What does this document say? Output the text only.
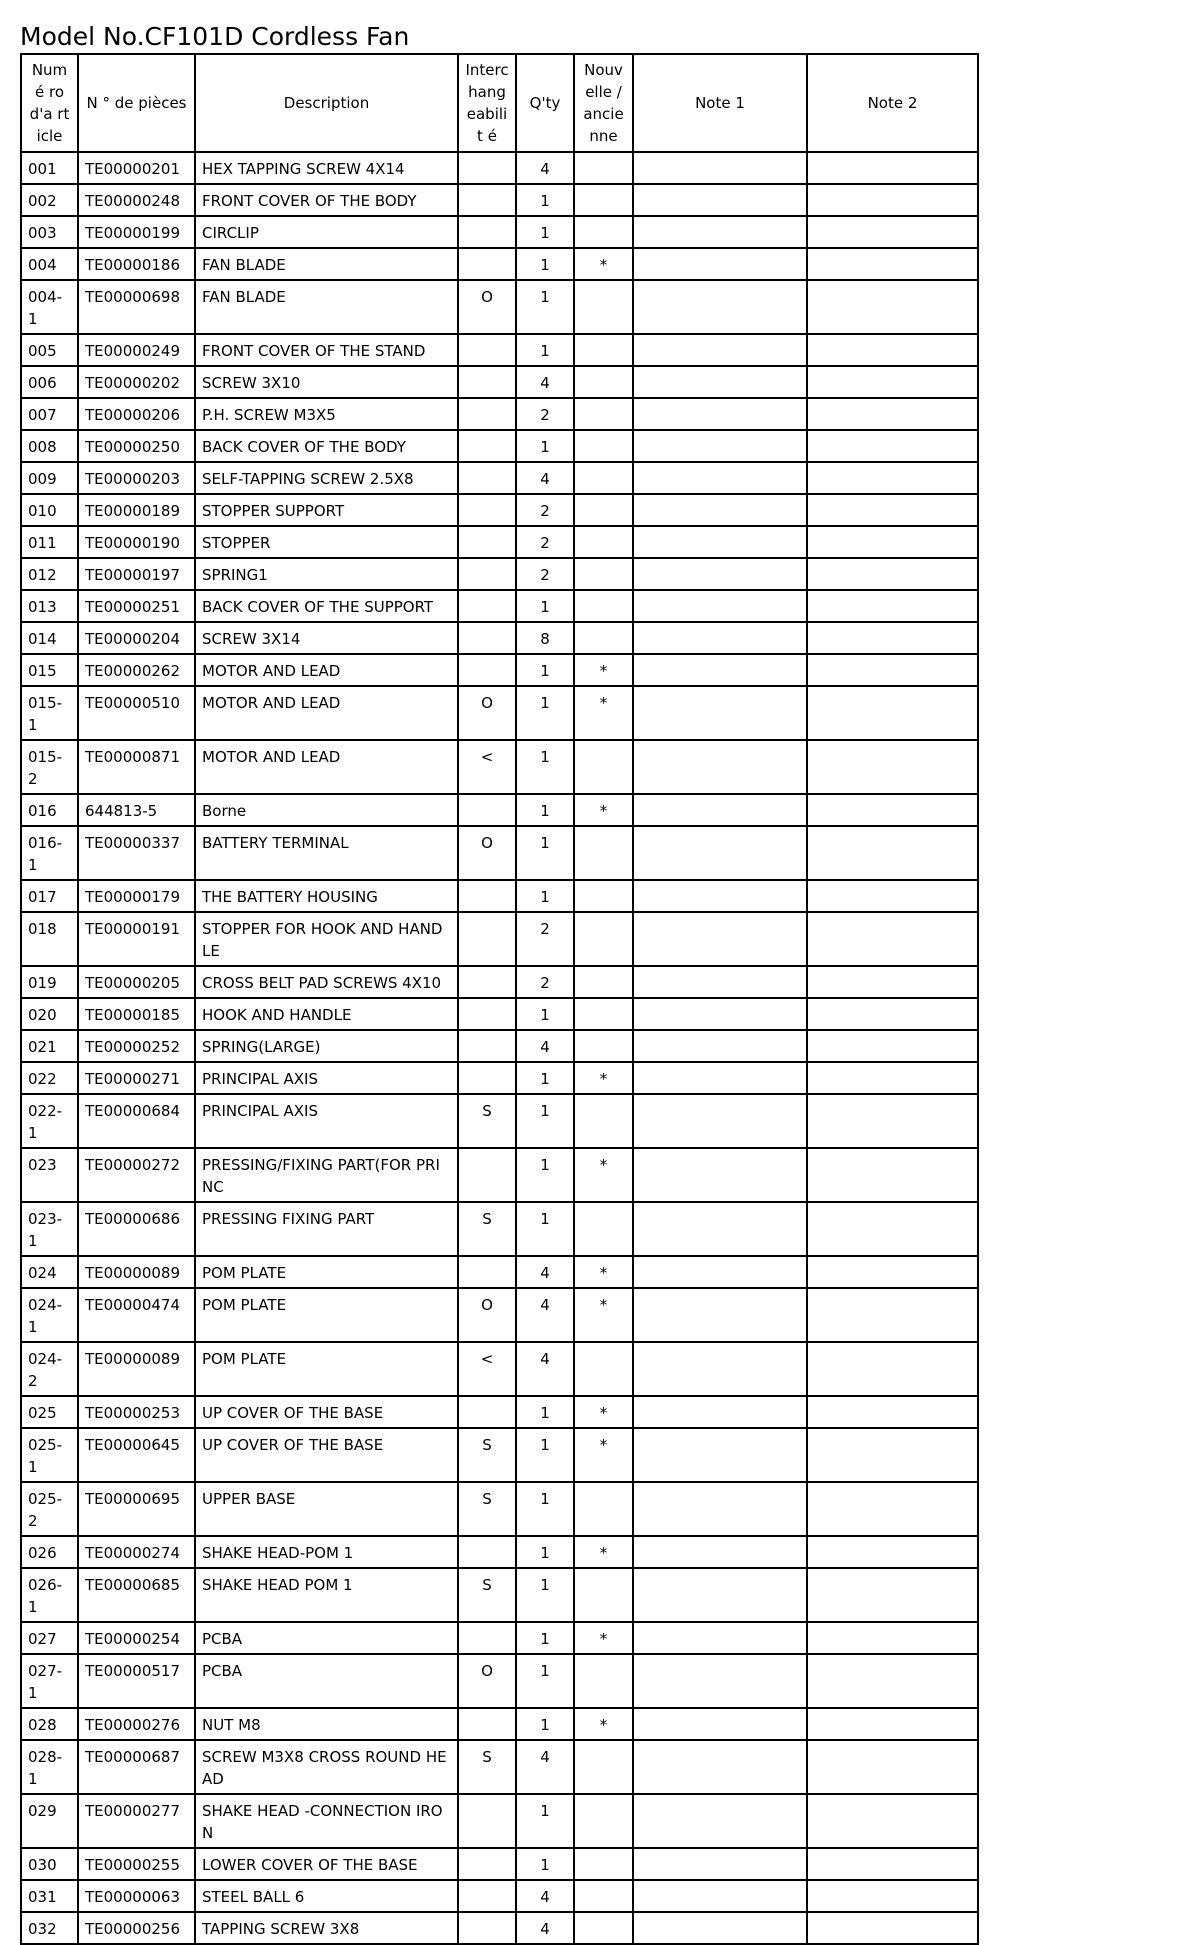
Model No.CF101D Cordless Fan
Numé ro d'a rticle	N ° de pièces	Description	Interc hang eabilit é	Q'ty	Nouv elle / ancie nne	Note 1	Note 2
001	TE00000201	HEX TAPPING SCREW 4X14		4			
002	TE00000248	FRONT COVER OF THE BODY		1			
003	TE00000199	CIRCLIP		1			
004	TE00000186	FAN BLADE		1	*		
004-1	TE00000698	FAN BLADE	O	1			
005	TE00000249	FRONT COVER OF THE STAND		1			
006	TE00000202	SCREW 3X10		4			
007	TE00000206	P.H. SCREW M3X5		2			
008	TE00000250	BACK COVER OF THE BODY		1			
009	TE00000203	SELF-TAPPING SCREW 2.5X8		4			
010	TE00000189	STOPPER SUPPORT		2			
011	TE00000190	STOPPER		2			
012	TE00000197	SPRING1		2			
013	TE00000251	BACK COVER OF THE SUPPORT		1			
014	TE00000204	SCREW 3X14		8			
015	TE00000262	MOTOR AND LEAD		1	*		
015-1	TE00000510	MOTOR AND LEAD	O	1	*		
015-2	TE00000871	MOTOR AND LEAD	<	1			
016	644813-5	Borne		1	*		
016-1	TE00000337	BATTERY TERMINAL	O	1			
017	TE00000179	THE BATTERY HOUSING		1			
018	TE00000191	STOPPER FOR HOOK AND HAND LE		2			
019	TE00000205	CROSS BELT PAD SCREWS 4X10		2			
020	TE00000185	HOOK AND HANDLE		1			
021	TE00000252	SPRING(LARGE)		4			
022	TE00000271	PRINCIPAL AXIS		1	*		
022-1	TE00000684	PRINCIPAL AXIS	S	1			
023	TE00000272	PRESSING/FIXING PART(FOR PRI NC		1	*		
023-1	TE00000686	PRESSING FIXING PART	S	1			
024	TE00000089	POM PLATE		4	*		
024-1	TE00000474	POM PLATE	O	4	*		
024-2	TE00000089	POM PLATE	<	4			
025	TE00000253	UP COVER OF THE BASE		1	*		
025-1	TE00000645	UP COVER OF THE BASE	S	1	*		
025-2	TE00000695	UPPER BASE	S	1			
026	TE00000274	SHAKE HEAD-POM 1		1	*		
026-1	TE00000685	SHAKE HEAD POM 1	S	1			
027	TE00000254	PCBA		1	*		
027-1	TE00000517	PCBA	O	1			
028	TE00000276	NUT M8		1	*		
028-1	TE00000687	SCREW M3X8 CROSS ROUND HE AD	S	4			
029	TE00000277	SHAKE HEAD -CONNECTION IRO N		1			
030	TE00000255	LOWER COVER OF THE BASE		1			
031	TE00000063	STEEL BALL 6		4			
032	TE00000256	TAPPING SCREW 3X8		4			
